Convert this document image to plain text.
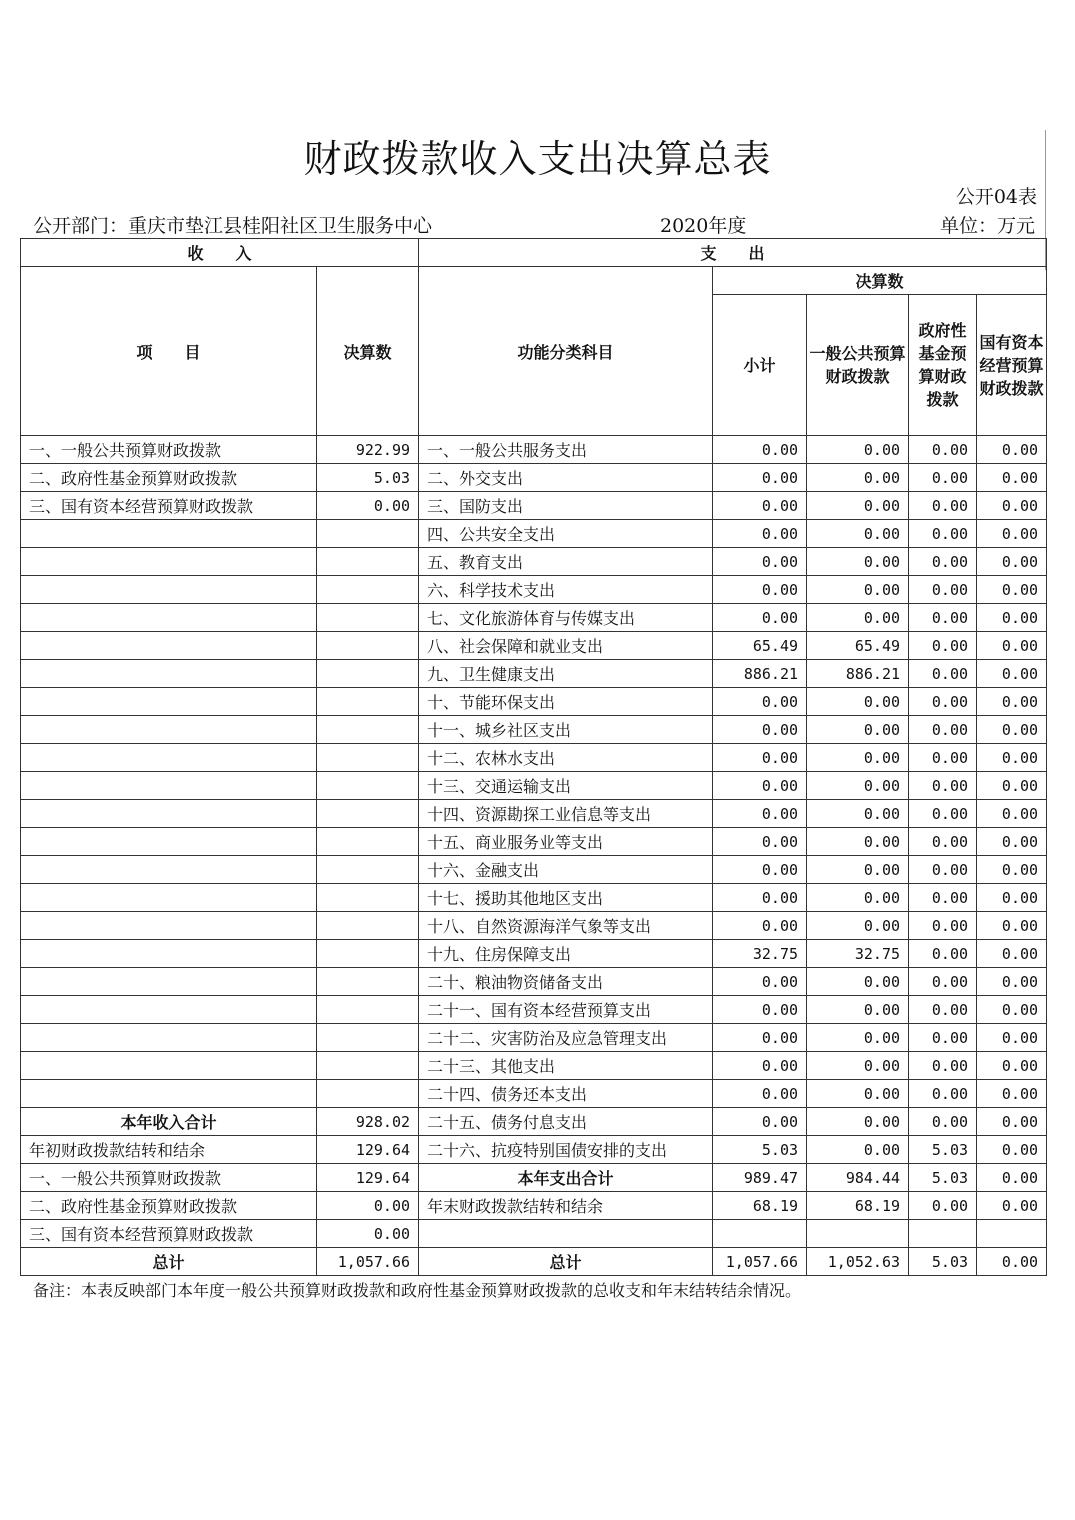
财政拨款收入支出决算总表
公开04表
公开部门：重庆市垫江县桂阳社区卫生服务中心	2020年度	单位：万元
收　　入		支　　出				
项　　目	决算数	功能分类科目	决算数			
			小计	一般公共预算财政拨款	政府性基金预算财政拨款	国有资本经营预算财政拨款
一、一般公共预算财政拨款	922.99	一、一般公共服务支出	0.00	0.00	0.00	0.00
二、政府性基金预算财政拨款	5.03	二、外交支出	0.00	0.00	0.00	0.00
三、国有资本经营预算财政拨款	0.00	三、国防支出	0.00	0.00	0.00	0.00
		四、公共安全支出	0.00	0.00	0.00	0.00
		五、教育支出	0.00	0.00	0.00	0.00
		六、科学技术支出	0.00	0.00	0.00	0.00
		七、文化旅游体育与传媒支出	0.00	0.00	0.00	0.00
		八、社会保障和就业支出	65.49	65.49	0.00	0.00
		九、卫生健康支出	886.21	886.21	0.00	0.00
		十、节能环保支出	0.00	0.00	0.00	0.00
		十一、城乡社区支出	0.00	0.00	0.00	0.00
		十二、农林水支出	0.00	0.00	0.00	0.00
		十三、交通运输支出	0.00	0.00	0.00	0.00
		十四、资源勘探工业信息等支出	0.00	0.00	0.00	0.00
		十五、商业服务业等支出	0.00	0.00	0.00	0.00
		十六、金融支出	0.00	0.00	0.00	0.00
		十七、援助其他地区支出	0.00	0.00	0.00	0.00
		十八、自然资源海洋气象等支出	0.00	0.00	0.00	0.00
		十九、住房保障支出	32.75	32.75	0.00	0.00
		二十、粮油物资储备支出	0.00	0.00	0.00	0.00
		二十一、国有资本经营预算支出	0.00	0.00	0.00	0.00
		二十二、灾害防治及应急管理支出	0.00	0.00	0.00	0.00
		二十三、其他支出	0.00	0.00	0.00	0.00
		二十四、债务还本支出	0.00	0.00	0.00	0.00
本年收入合计	928.02	二十五、债务付息支出	0.00	0.00	0.00	0.00
年初财政拨款结转和结余	129.64	二十六、抗疫特别国债安排的支出	5.03	0.00	5.03	0.00
一、一般公共预算财政拨款	129.64	本年支出合计	989.47	984.44	5.03	0.00
二、政府性基金预算财政拨款	0.00	年末财政拨款结转和结余	68.19	68.19	0.00	0.00
三、国有资本经营预算财政拨款	0.00					
总计	1,057.66	总计	1,057.66	1,052.63	5.03	0.00
备注：本表反映部门本年度一般公共预算财政拨款和政府性基金预算财政拨款的总收支和年末结转结余情况。
